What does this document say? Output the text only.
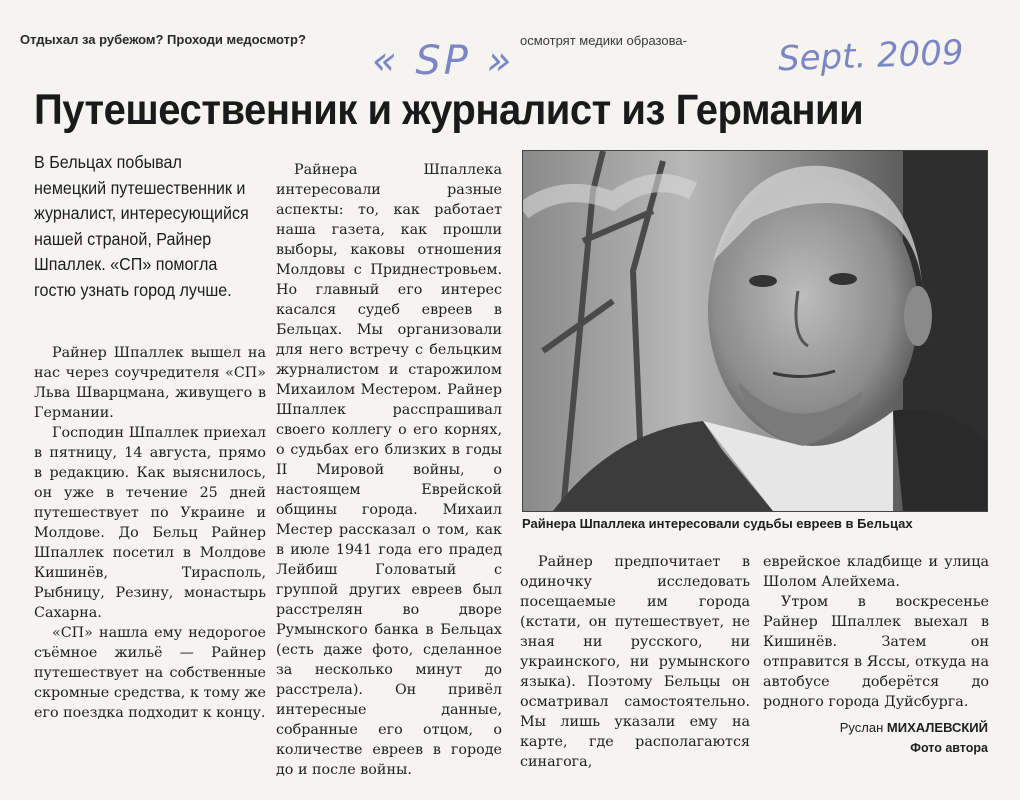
Отдыхал за рубежом? Проходи медосмотр?	осмотрят медики образова-
« SP »	Sept. 2009
Путешественник и журналист из Германии
В Бельцах побывал немецкий путешественник и журналист, интересующийся нашей страной, Райнер Шпаллек. «СП» помогла гостю узнать город лучше.

Райнер Шпаллек вышел на нас через соучредителя «СП» Льва Шварцмана, живущего в Германии.

Господин Шпаллек приехал в пятницу, 14 августа, прямо в редакцию. Как выяснилось, он уже в течение 25 дней путешествует по Украине и Молдове. До Бельц Райнер Шпаллек посетил в Молдове Кишинёв, Тирасполь, Рыбницу, Резину, монастырь Сахарна.

«СП» нашла ему недорогое съёмное жильё — Райнер путешествует на собственные скромные средства, к тому же его поездка подходит к концу.

Райнера Шпаллека интересовали разные аспекты: то, как работает наша газета, как прошли выборы, каковы отношения Молдовы с Приднестровьем. Но главный его интерес касался судеб евреев в Бельцах. Мы организовали для него встречу с бельцким журналистом и старожилом Михаилом Местером. Райнер Шпаллек расспрашивал своего коллегу о его корнях, о судьбах его близких в годы II Мировой войны, о настоящем Еврейской общины города. Михаил Местер рассказал о том, как в июле 1941 года его прадед Лейбиш Головатый с группой других евреев был расстрелян во дворе Румынского банка в Бельцах (есть даже фото, сделанное за несколько минут до расстрела). Он привёл интересные данные, собранные его отцом, о количестве евреев в городе до и после войны.

Райнера Шпаллека интересовали судьбы евреев в Бельцах

Райнер предпочитает в одиночку исследовать посещаемые им города (кстати, он путешествует, не зная ни русского, ни украинского, ни румынского языка). Поэтому Бельцы он осматривал самостоятельно. Мы лишь указали ему на карте, где располагаются синагога,

еврейское кладбище и улица Шолом Алейхема.

Утром в воскресенье Райнер Шпаллек выехал в Кишинёв. Затем он отправится в Яссы, откуда на автобусе доберётся до родного города Дуйсбурга.

Руслан МИХАЛЕВСКИЙ
Фото автора
